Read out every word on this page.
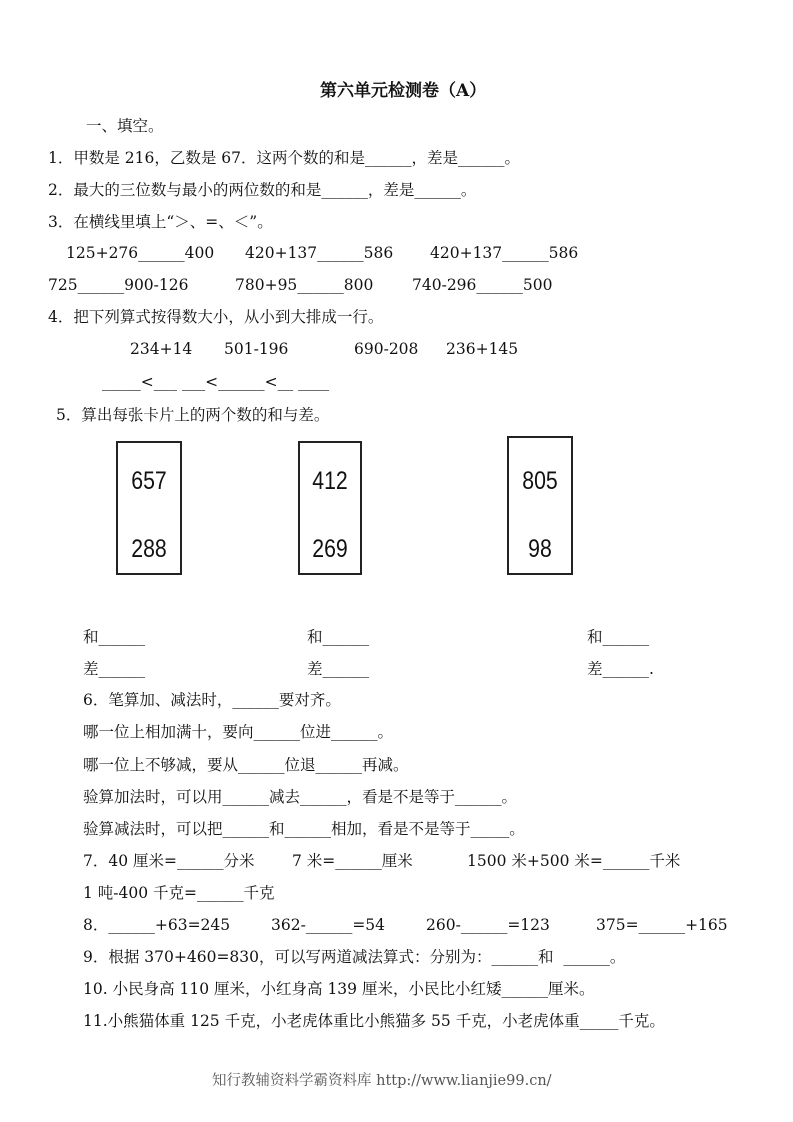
第六单元检测卷（A）
一、填空。
1．甲数是 216，乙数是 67．这两个数的和是______，差是______。
2．最大的三位数与最小的两位数的和是______，差是______。
3．在横线里填上“＞、=、＜”。
125+276______400 420+137______586 420+137______586
725______900-126	780+95______800 740-296______500
4．把下列算式按得数大小，从小到大排成一行。
234+14 501-196	690-208 236+145
_____<___ ___<______<__ ____
5．算出每张卡片上的两个数的和与差。
657
288
412
269
805
98
和______	和______	和______
差______	差______	差______.
6．笔算加、减法时，______要对齐。
哪一位上相加满十，要向______位进______。
哪一位上不够减，要从______位退______再减。
验算加法时，可以用______减去______，看是不是等于______。
验算减法时，可以把______和______相加，看是不是等于_____。
7．40 厘米=______分米 7 米=______厘米	1500 米+500 米=______千米
1 吨-400 千克=______千克
8．______+63=245	362-______=54	260-______=123	375=______+165
9．根据 370+460=830，可以写两道减法算式：分别为：______和  ______。
10. 小民身高 110 厘米，小红身高 139 厘米，小民比小红矮______厘米。
11.小熊猫体重 125 千克，小老虎体重比小熊猫多 55 千克，小老虎体重_____千克。
知行教辅资料学霸资料库 http://www.lianjie99.cn/
